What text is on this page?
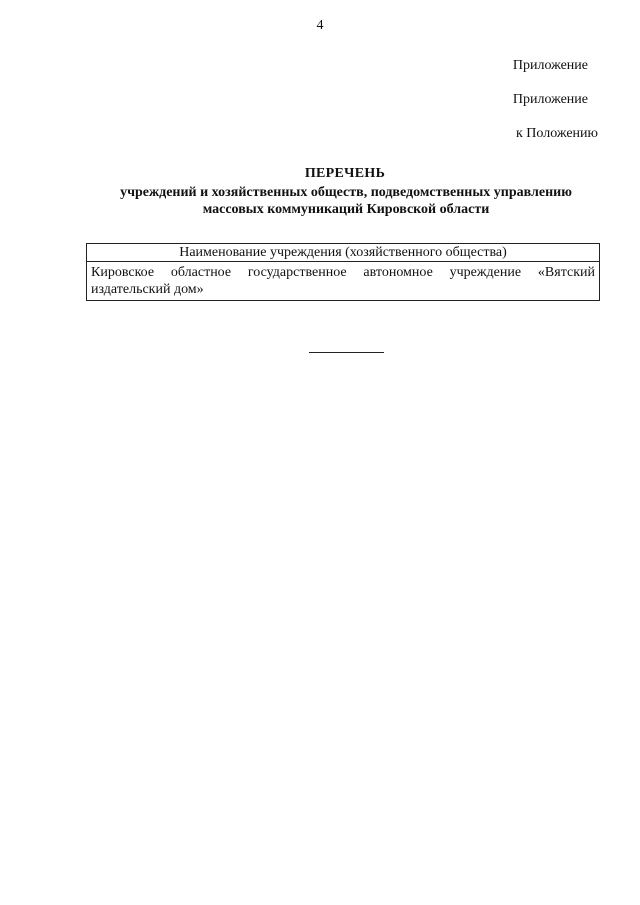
4
Приложение
Приложение
к Положению
ПЕРЕЧЕНЬ
учреждений и хозяйственных обществ, подведомственных управлению массовых коммуникаций Кировской области
Наименование учреждения (хозяйственного общества)
Кировское областное государственное автономное учреждение «Вятский издательский дом»
